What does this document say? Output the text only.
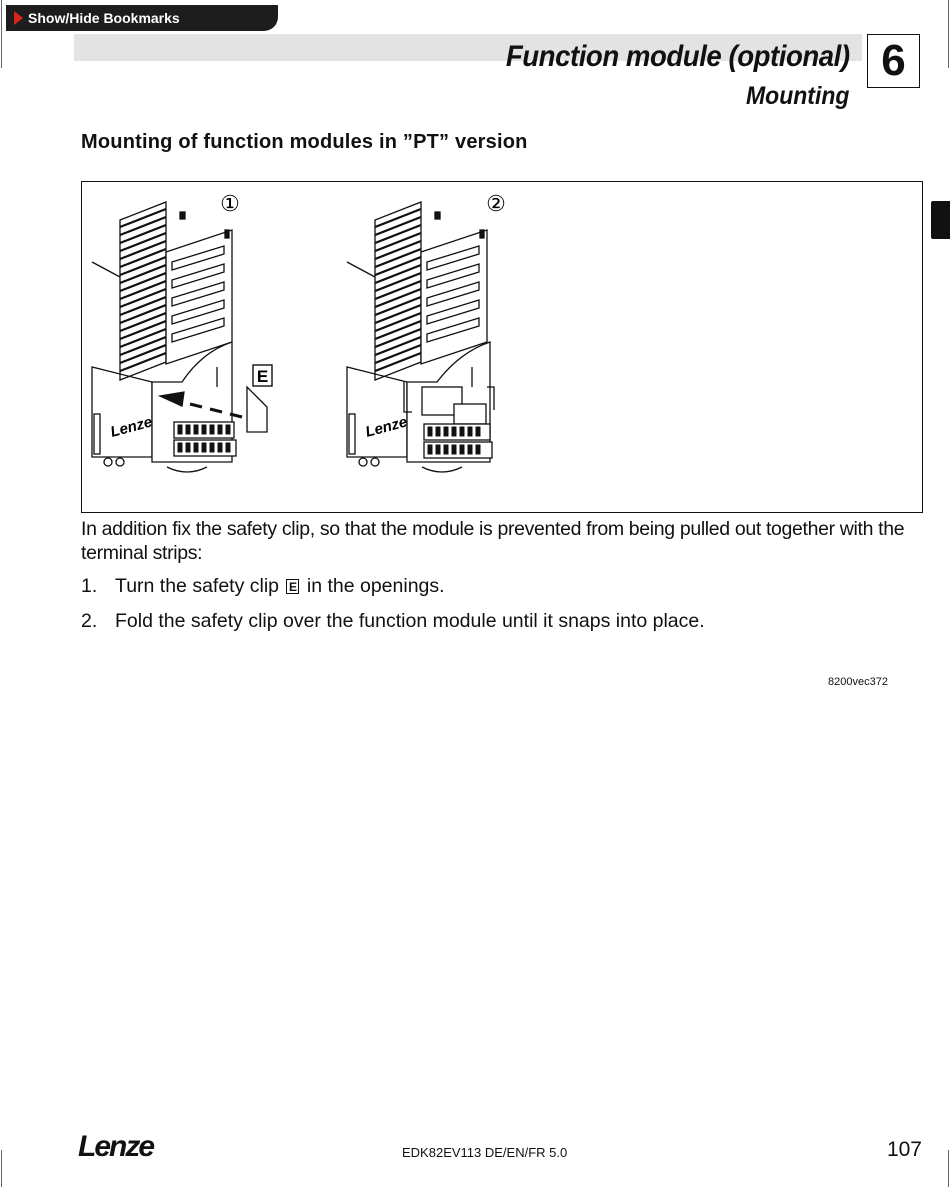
Show/Hide Bookmarks
Function module (optional)
Mounting
6
Mounting of function modules in ”PT” version
①
E
Lenze
②
Lenze
8200vec372
In addition fix the safety clip, so that the module is prevented from being pulled out together with the terminal strips:
1. Turn the safety clip E in the openings.
2. Fold the safety clip over the function module until it snaps into place.
Lenze	EDK82EV113 DE/EN/FR 5.0	107
